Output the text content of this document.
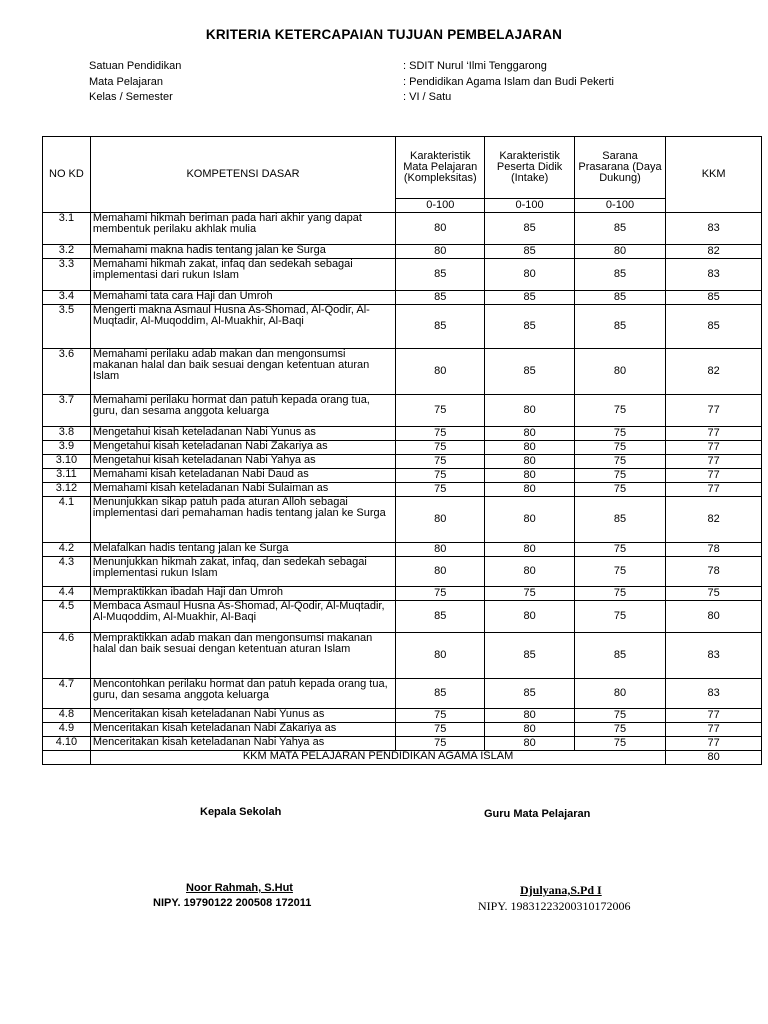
KRITERIA KETERCAPAIAN TUJUAN PEMBELAJARAN
Satuan Pendidikan	: SDIT Nurul ‘Ilmi Tenggarong
Mata Pelajaran	: Pendidikan Agama Islam dan Budi Pekerti
Kelas / Semester	: VI / Satu
NO KD	KOMPETENSI DASAR	Karakteristik Mata Pelajaran (Kompleksitas)	Karakteristik Peserta Didik (Intake)	Sarana Prasarana (Daya Dukung)	KKM
		0-100	0-100	0-100	
3.1	Memahami hikmah beriman pada hari akhir yang dapat membentuk perilaku akhlak mulia	80	85	85	83
3.2	Memahami makna hadis tentang jalan ke Surga	80	85	80	82
3.3	Memahami hikmah zakat, infaq dan sedekah sebagai implementasi dari rukun Islam	85	80	85	83
3.4	Memahami tata cara Haji dan Umroh	85	85	85	85
3.5	Mengerti makna Asmaul Husna As-Shomad, Al-Qodir, Al-Muqtadir, Al-Muqoddim, Al-Muakhir, Al-Baqi	85	85	85	85
3.6	Memahami perilaku adab makan dan mengonsumsi makanan halal dan baik sesuai dengan ketentuan aturan Islam	80	85	80	82
3.7	Memahami perilaku hormat dan patuh kepada orang tua, guru, dan sesama anggota keluarga	75	80	75	77
3.8	Mengetahui kisah keteladanan Nabi Yunus as	75	80	75	77
3.9	Mengetahui kisah keteladanan Nabi Zakariya as	75	80	75	77
3.10	Mengetahui kisah keteladanan Nabi Yahya as	75	80	75	77
3.11	Memahami kisah keteladanan Nabi Daud as	75	80	75	77
3.12	Memahami kisah keteladanan Nabi Sulaiman as	75	80	75	77
4.1	Menunjukkan sikap patuh pada aturan Alloh sebagai implementasi dari pemahaman hadis tentang jalan ke Surga	80	80	85	82
4.2	Melafalkan hadis tentang jalan ke Surga	80	80	75	78
4.3	Menunjukkan hikmah zakat, infaq, dan sedekah sebagai implementasi rukun Islam	80	80	75	78
4.4	Mempraktikkan ibadah Haji dan Umroh	75	75	75	75
4.5	Membaca Asmaul Husna As-Shomad, Al-Qodir, Al-Muqtadir, Al-Muqoddim, Al-Muakhir, Al-Baqi	85	80	75	80
4.6	Mempraktikkan adab makan dan mengonsumsi makanan halal dan baik sesuai dengan ketentuan aturan Islam	80	85	85	83
4.7	Mencontohkan perilaku hormat dan patuh kepada orang tua, guru, dan sesama anggota keluarga	85	85	80	83
4.8	Menceritakan kisah keteladanan Nabi Yunus as	75	80	75	77
4.9	Menceritakan kisah keteladanan Nabi Zakariya as	75	80	75	77
4.10	Menceritakan kisah keteladanan Nabi Yahya as	75	80	75	77
	KKM MATA PELAJARAN PENDIDIKAN AGAMA ISLAM				80
Kepala Sekolah
Noor Rahmah, S.Hut
NIPY. 19790122 200508 172011
Guru Mata Pelajaran
Djulyana,S.Pd I
NIPY. 19831223200310172006
